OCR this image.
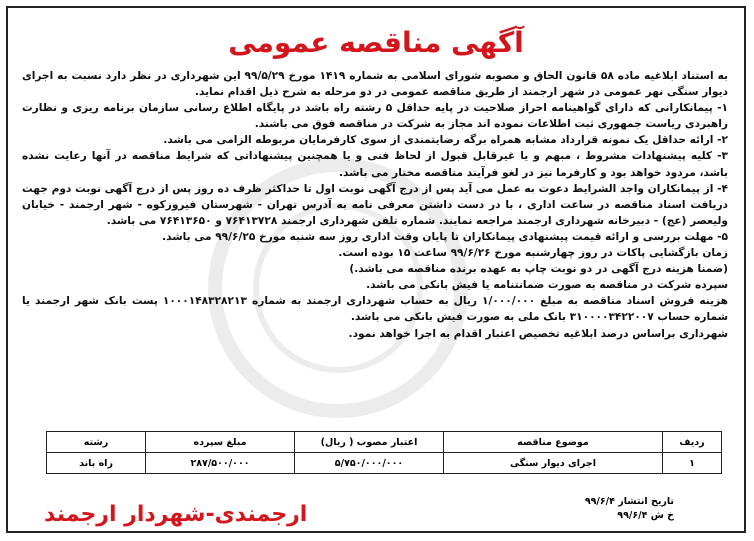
آگهی مناقصه عمومی

به استناد ابلاغیه ماده ۵۸ قانون الحاق و مصوبه شورای اسلامی به شماره ۱۴۱۹ مورخ ۹۹/۵/۲۹ این شهرداری در نظر دارد نسبت به اجرای دیوار سنگی نهر عمومی در شهر ارجمند از طریق مناقصه عمومی در دو مرحله به شرح ذیل اقدام نماید.

۱- پیمانکارانی که دارای گواهینامه احراز صلاحیت در پایه حداقل ۵ رشته راه باشد در پایگاه اطلاع رسانی سازمان برنامه ریزی و نظارت راهبردی ریاست جمهوری ثبت اطلاعات نموده اند مجاز به شرکت در مناقصه فوق می باشند.

۲- ارائه حداقل یک نمونه قرارداد مشابه همراه برگه رضایتمندی از سوی کارفرمایان مربوطه الزامی می باشد.

۳- کلیه پیشنهادات مشروط ، مبهم و یا غیرقابل قبول از لحاظ فنی و یا همچنین پیشنهاداتی که شرایط مناقصه در آنها رعایت نشده باشد، مردود خواهد بود و کارفرما نیز در لغو فرآیند مناقصه مختار می باشد.

۴- از پیمانکاران واجد الشرایط دعوت به عمل می آید پس از درج آگهی نوبت اول تا حداکثر ظرف ده روز پس از درج آگهی نوبت دوم جهت دریافت اسناد مناقصه در ساعت اداری ، با در دست داشتن معرفی نامه به آدرس تهران - شهرستان فیروزکوه - شهر ارجمند - خیابان ولیعصر (عج) - دبیرخانه شهرداری ارجمند مراجعه نمایند. شماره تلفن شهرداری ارجمند ۷۶۴۱۳۷۲۸ و ۷۶۴۱۳۶۵۰ می باشد.

۵- مهلت بررسی و ارائه قیمت پیشنهادی پیمانکاران تا پایان وقت اداری روز سه شنبه مورخ ۹۹/۶/۲۵ می باشد.

زمان بازگشایی پاکات در روز چهارشنبه مورخ ۹۹/۶/۲۶ ساعت ۱۵ بوده است.

(ضمنا هزینه درج آگهی در دو نوبت چاپ به عهده برنده مناقصه می باشد.)

سپرده شرکت در مناقصه به صورت ضمانتنامه یا فیش بانکی می باشد.

هزینه فروش اسناد مناقصه به مبلغ ۱/۰۰۰/۰۰۰ ریال به حساب شهرداری ارجمند به شماره ۱۰۰۰۱۴۸۳۲۸۲۱۳ پست بانک شهر ارجمند یا شماره حساب ۳۱۰۰۰۰۳۴۲۲۰۰۷ بانک ملی به صورت فیش بانکی می باشد.

شهرداری براساس درصد ابلاغیه تخصیص اعتبار اقدام به اجرا خواهد نمود.

ردیف	موضوع مناقصه	اعتبار مصوب ( ریال)	مبلغ سپرده	رشته
۱	اجرای دیوار سنگی	۵/۷۵۰/۰۰۰/۰۰۰	۲۸۷/۵۰۰/۰۰۰	راه باند
تاریخ انتشار ۹۹/۶/۴
خ ش ۹۹/۶/۴
ارجمندی-شهردار ارجمند
